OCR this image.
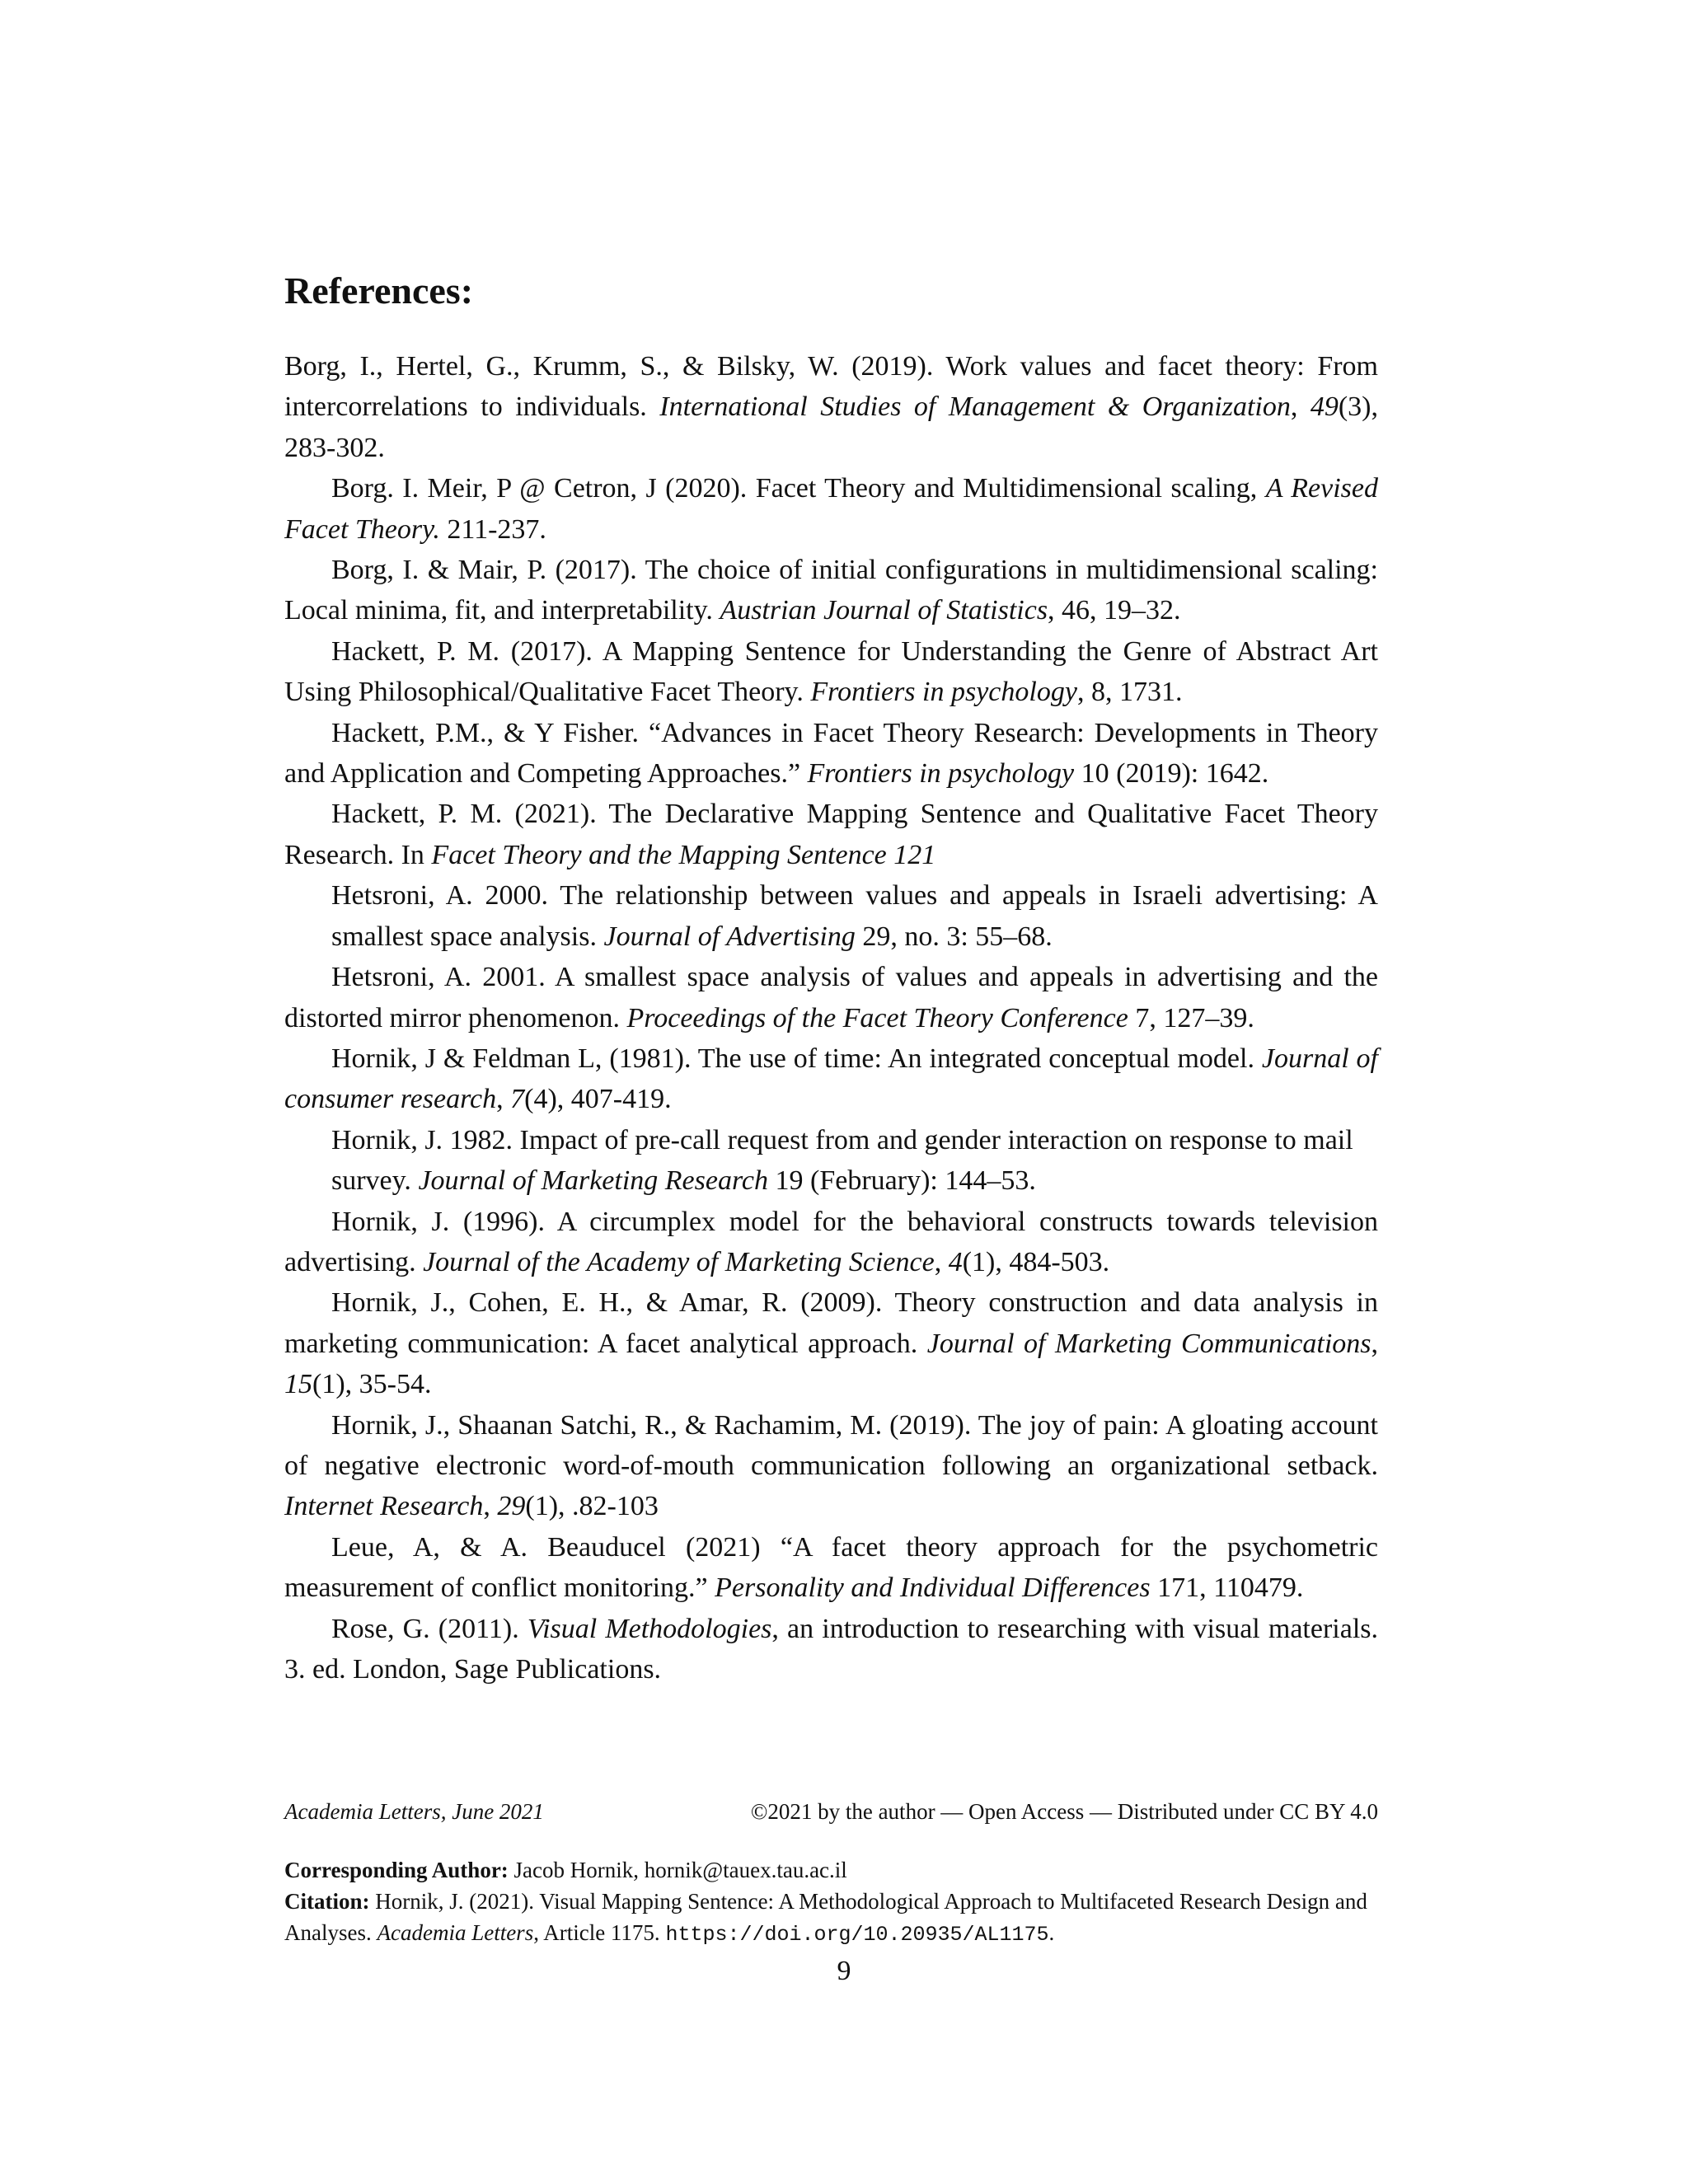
References:

Borg, I., Hertel, G., Krumm, S., & Bilsky, W. (2019). Work values and facet theory: From intercorrelations to individuals. International Studies of Management & Organization, 49(3), 283-302.

Borg. I. Meir, P @ Cetron, J (2020). Facet Theory and Multidimensional scaling, A Revised Facet Theory. 211-237.

Borg, I. & Mair, P. (2017). The choice of initial configurations in multidimensional scaling: Local minima, fit, and interpretability. Austrian Journal of Statistics, 46, 19–32.

Hackett, P. M. (2017). A Mapping Sentence for Understanding the Genre of Abstract Art Using Philosophical/Qualitative Facet Theory. Frontiers in psychology, 8, 1731.

Hackett, P.M., & Y Fisher. “Advances in Facet Theory Research: Developments in Theory and Application and Competing Approaches.” Frontiers in psychology 10 (2019): 1642.

Hackett, P. M. (2021). The Declarative Mapping Sentence and Qualitative Facet Theory Research. In Facet Theory and the Mapping Sentence 121

Hetsroni, A. 2000. The relationship between values and appeals in Israeli advertising: A smallest space analysis. Journal of Advertising 29, no. 3: 55–68.

Hetsroni, A. 2001. A smallest space analysis of values and appeals in advertising and the distorted mirror phenomenon. Proceedings of the Facet Theory Conference 7, 127–39.

Hornik, J & Feldman L, (1981). The use of time: An integrated conceptual model. Journal of consumer research, 7(4), 407-419.

Hornik, J. 1982. Impact of pre-call request from and gender interaction on response to mail
survey. Journal of Marketing Research 19 (February): 144–53.

Hornik, J. (1996). A circumplex model for the behavioral constructs towards television advertising. Journal of the Academy of Marketing Science, 4(1), 484-503.

Hornik, J., Cohen, E. H., & Amar, R. (2009). Theory construction and data analysis in marketing communication: A facet analytical approach. Journal of Marketing Communications, 15(1), 35-54.

Hornik, J., Shaanan Satchi, R., & Rachamim, M. (2019). The joy of pain: A gloating account of negative electronic word-of-mouth communication following an organizational setback. Internet Research, 29(1), .82-103

Leue, A, & A. Beauducel (2021) “A facet theory approach for the psychometric measurement of conflict monitoring.” Personality and Individual Differences 171, 110479.

Rose, G. (2011). Visual Methodologies, an introduction to researching with visual materials. 3. ed. London, Sage Publications.

Academia Letters, June 2021	©2021 by the author — Open Access — Distributed under CC BY 4.0

Corresponding Author: Jacob Hornik, hornik@tauex.tau.ac.il

Citation: Hornik, J. (2021). Visual Mapping Sentence: A Methodological Approach to Multifaceted Research Design and Analyses. Academia Letters, Article 1175. https://doi.org/10.20935/AL1175.

9
